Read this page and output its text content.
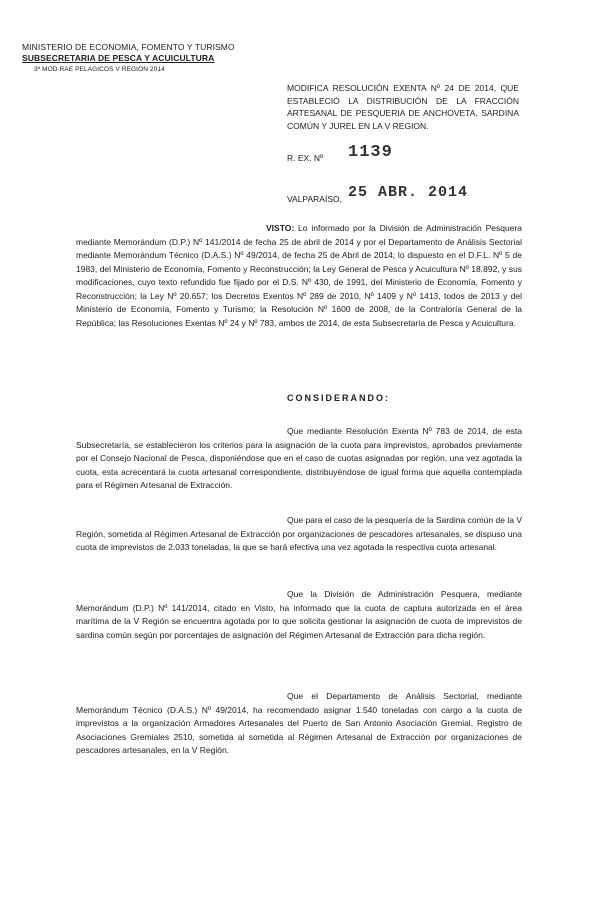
MINISTERIO DE ECONOMIA, FOMENTO Y TURISMO
SUBSECRETARIA DE PESCA Y ACUICULTURA
3ª MOD RAE PELAGICOS V REGION 2014
MODIFICA RESOLUCIÓN EXENTA Nº 24 DE 2014, QUE ESTABLECIÓ LA DISTRIBUCIÓN DE LA FRACCIÓN ARTESANAL DE PESQUERIA DE ANCHOVETA, SARDINA COMÚN Y JUREL EN LA V REGION.
R. EX. Nº 1139
VALPARAÍSO, 25 ABR. 2014
VISTO: Lo informado por la División de Administración Pesquera mediante Memorándum (D.P.) Nº 141/2014 de fecha 25 de abril de 2014 y por el Departamento de Análisis Sectorial mediante Memorándum Técnico (D.A.S.) Nº 49/2014, de fecha 25 de Abril de 2014; lo dispuesto en el D.F.L. Nº 5 de 1983, del Ministerio de Economía, Fomento y Reconstrucción; la Ley General de Pesca y Acuicultura Nº 18.892, y sus modificaciones, cuyo texto refundido fue fijado por el D.S. Nº 430, de 1991, del Ministerio de Economía, Fomento y Reconstrucción; la Ley Nº 20.657; los Decretos Exentos Nº 289 de 2010, Nº 1409 y Nº 1413, todos de 2013 y del Ministerio de Economía, Fomento y Turismo; la Resolución Nº 1600 de 2008, de la Contraloría General de la República; las Resoluciones Exentas Nº 24 y Nº 783, ambos de 2014, de esta Subsecretaría de Pesca y Acuicultura.
CONSIDERANDO:
Que mediante Resolución Exenta Nº 783 de 2014, de esta Subsecretaría, se establecieron los criterios para la asignación de la cuota para imprevistos, aprobados previamente por el Consejo Nacional de Pesca, disponiéndose que en el caso de cuotas asignadas por región, una vez agotada la cuota, esta acrecentará la cuota artesanal correspondiente, distribuyéndose de igual forma que aquella contemplada para el Régimen Artesanal de Extracción.
Que para el caso de la pesquería de la Sardina común de la V Región, sometida al Régimen Artesanal de Extracción por organizaciones de pescadores artesanales, se dispuso una cuota de imprevistos de 2.033 toneladas, la que se hará efectiva una vez agotada la respectiva cuota artesanal.
Que la División de Administración Pesquera, mediante Memorándum (D.P.) Nº 141/2014, citado en Visto, ha informado que la cuota de captura autorizada en el área marítima de la V Región se encuentra agotada por lo que solicita gestionar la asignación de cuota de imprevistos de sardina común según por porcentajes de asignación del Régimen Artesanal de Extracción para dicha región.
Que el Departamento de Análisis Sectorial, mediante Memorándum Técnico (D.A.S.) Nº 49/2014, ha recomendado asignar 1.540 toneladas con cargo a la cuota de imprevistos a la organización Armadores Artesanales del Puerto de San Antonio Asociación Gremial, Registro de Asociaciones Gremiales 2510, sometida al sometida al Régimen Artesanal de Extracción por organizaciones de pescadores artesanales, en la V Región.
